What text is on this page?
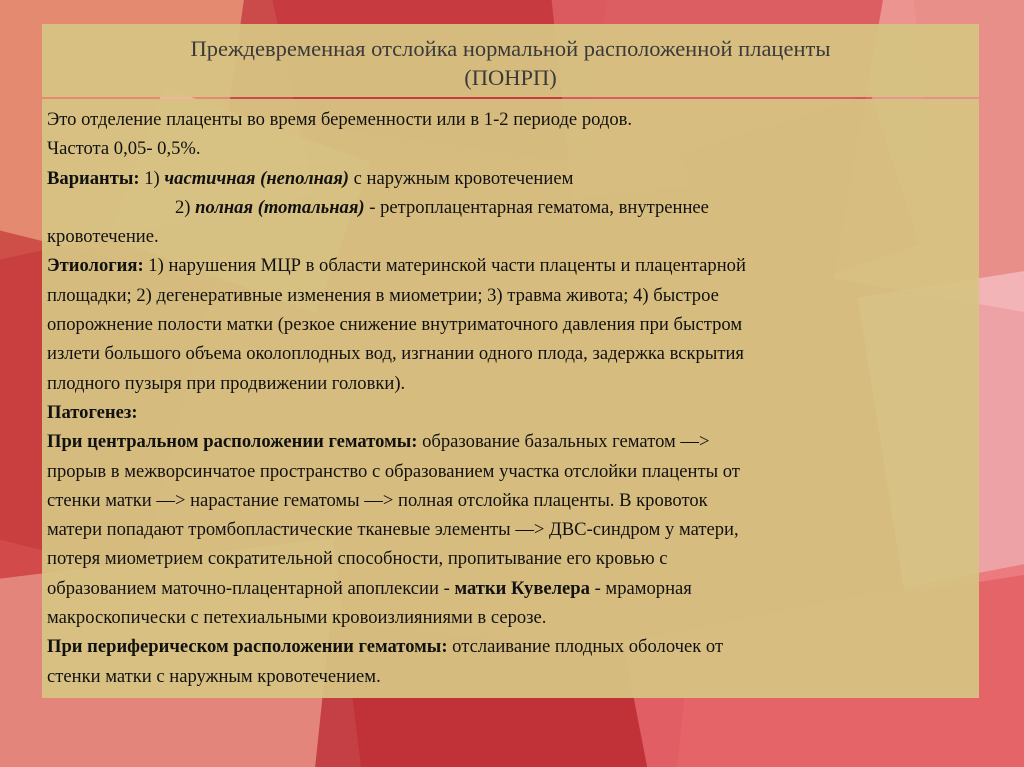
Преждевременная отслойка нормальной расположенной плаценты
(ПОНРП)
Это отделение плаценты во время беременности или в 1-2 периоде родов.
Частота 0,05- 0,5%.
Варианты: 1) частичная (неполная) с наружным кровотечением
2) полная (тотальная) - ретроплацентарная гематома, внутреннее
кровотечение.
Этиология: 1) нарушения МЦР в области материнской части плаценты и плацентарной
площадки; 2) дегенеративные изменения в миометрии; 3) травма живота; 4) быстрое
опорожнение полости матки (резкое снижение внутриматочного давления при быстром
излети большого объема околоплодных вод, изгнании одного плода, задержка вскрытия
плодного пузыря при продвижении головки).
Патогенез:
При центральном расположении гематомы: образование базальных гематом —>
прорыв в межворсинчатое пространство с образованием участка отслойки плаценты от
стенки матки —> нарастание гематомы —> полная отслойка плаценты. В кровоток
матери попадают тромбопластические тканевые элементы —> ДВС-синдром у матери,
потеря миометрием сократительной способности, пропитывание его кровью с
образованием маточно-плацентарной апоплексии - матки Кувелера - мраморная
макроскопически с петехиальными кровоизлияниями в серозе.
При периферическом расположении гематомы: отслаивание плодных оболочек от
стенки матки с наружным кровотечением.
